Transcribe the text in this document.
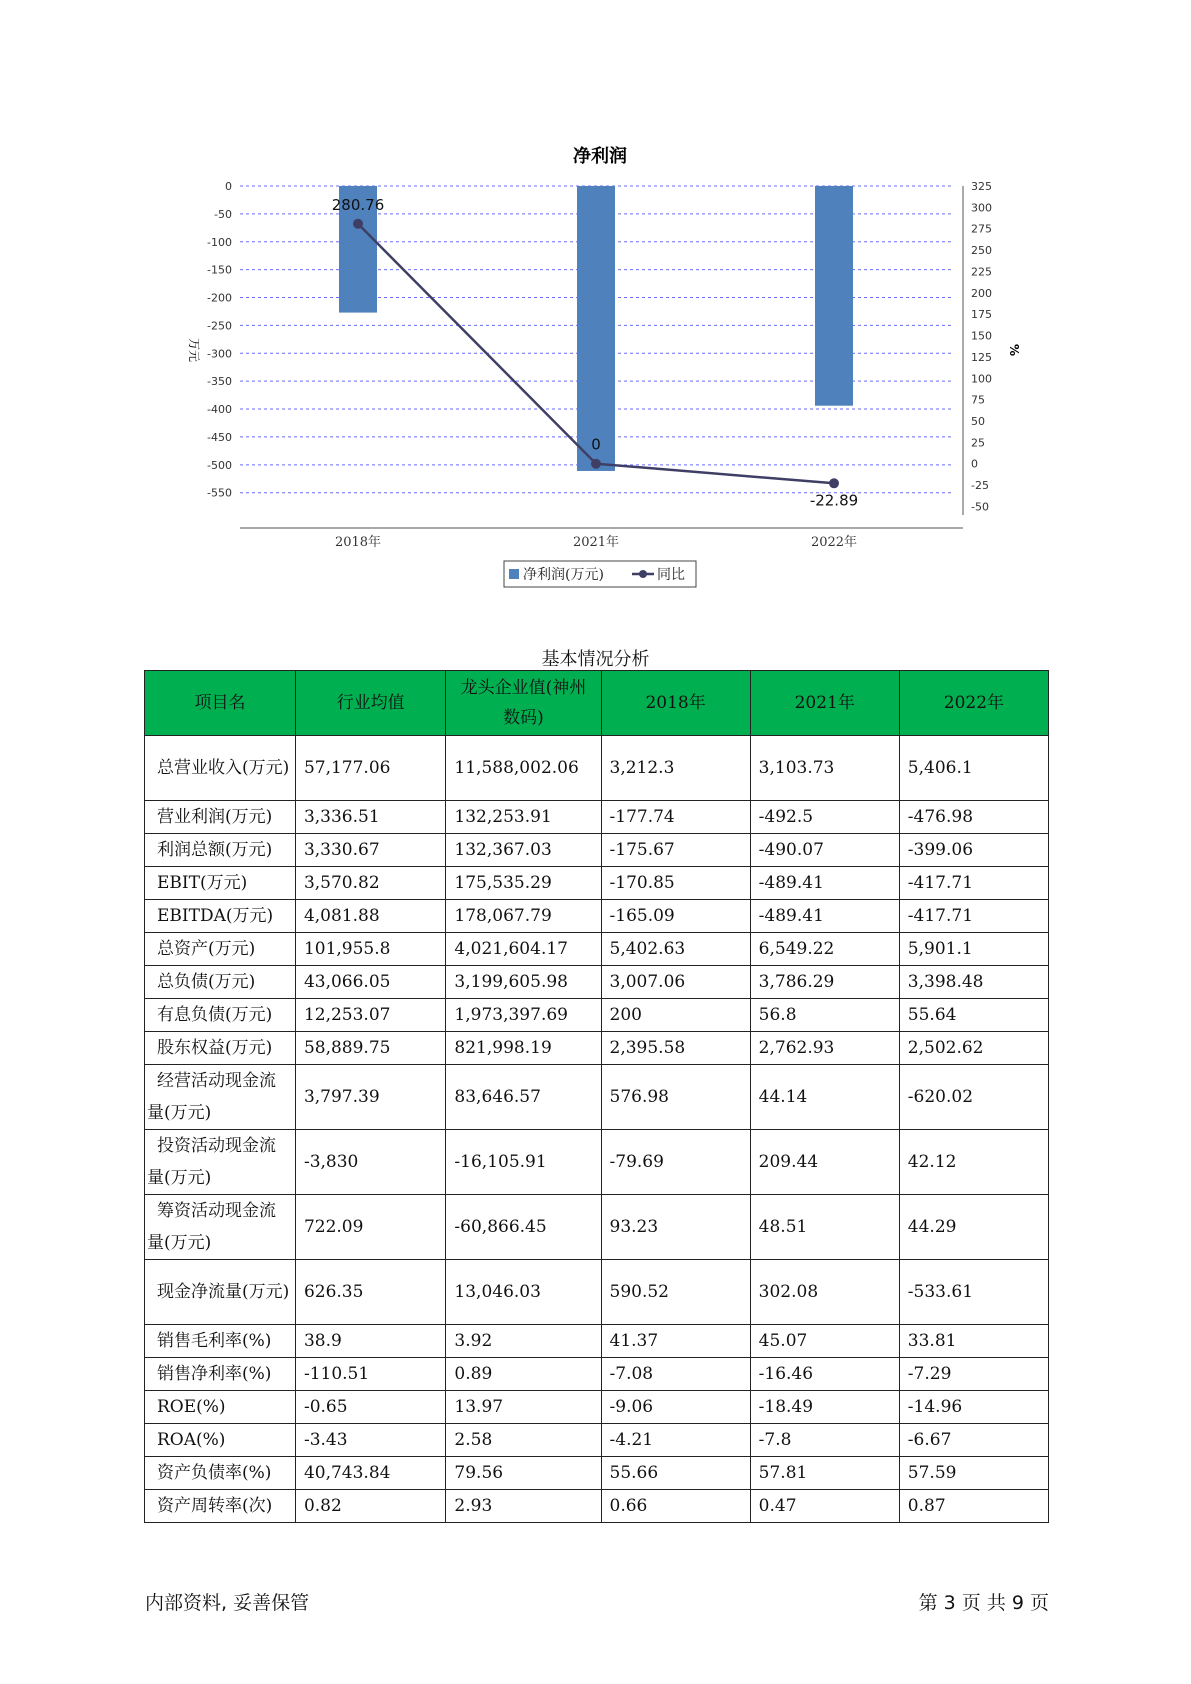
净利润
0
-50
-100
-150
-200
-250
-300
-350
-400
-450
-500
-550
325
300
275
250
225
200
175
150
125
100
75
50
25
0
-25
-50
万元	%
280.76
0
-22.89
2018年	2021年	2022年
净利润(万元)	同比
基本情况分析
项目名	行业均值	龙头企业值(神州数码)	2018年	2021年	2022年
总营业收入(万元)	57,177.06	11,588,002.06	3,212.3	3,103.73	5,406.1
营业利润(万元)	3,336.51	132,253.91	-177.74	-492.5	-476.98
利润总额(万元)	3,330.67	132,367.03	-175.67	-490.07	-399.06
EBIT(万元)	3,570.82	175,535.29	-170.85	-489.41	-417.71
EBITDA(万元)	4,081.88	178,067.79	-165.09	-489.41	-417.71
总资产(万元)	101,955.8	4,021,604.17	5,402.63	6,549.22	5,901.1
总负债(万元)	43,066.05	3,199,605.98	3,007.06	3,786.29	3,398.48
有息负债(万元)	12,253.07	1,973,397.69	200	56.8	55.64
股东权益(万元)	58,889.75	821,998.19	2,395.58	2,762.93	2,502.62
经营活动现金流量(万元)	3,797.39	83,646.57	576.98	44.14	-620.02
投资活动现金流量(万元)	-3,830	-16,105.91	-79.69	209.44	42.12
筹资活动现金流量(万元)	722.09	-60,866.45	93.23	48.51	44.29
现金净流量(万元)	626.35	13,046.03	590.52	302.08	-533.61
销售毛利率(%)	38.9	3.92	41.37	45.07	33.81
销售净利率(%)	-110.51	0.89	-7.08	-16.46	-7.29
ROE(%)	-0.65	13.97	-9.06	-18.49	-14.96
ROA(%)	-3.43	2.58	-4.21	-7.8	-6.67
资产负债率(%)	40,743.84	79.56	55.66	57.81	57.59
资产周转率(次)	0.82	2.93	0.66	0.47	0.87
内部资料, 妥善保管	第 3 页 共 9 页
